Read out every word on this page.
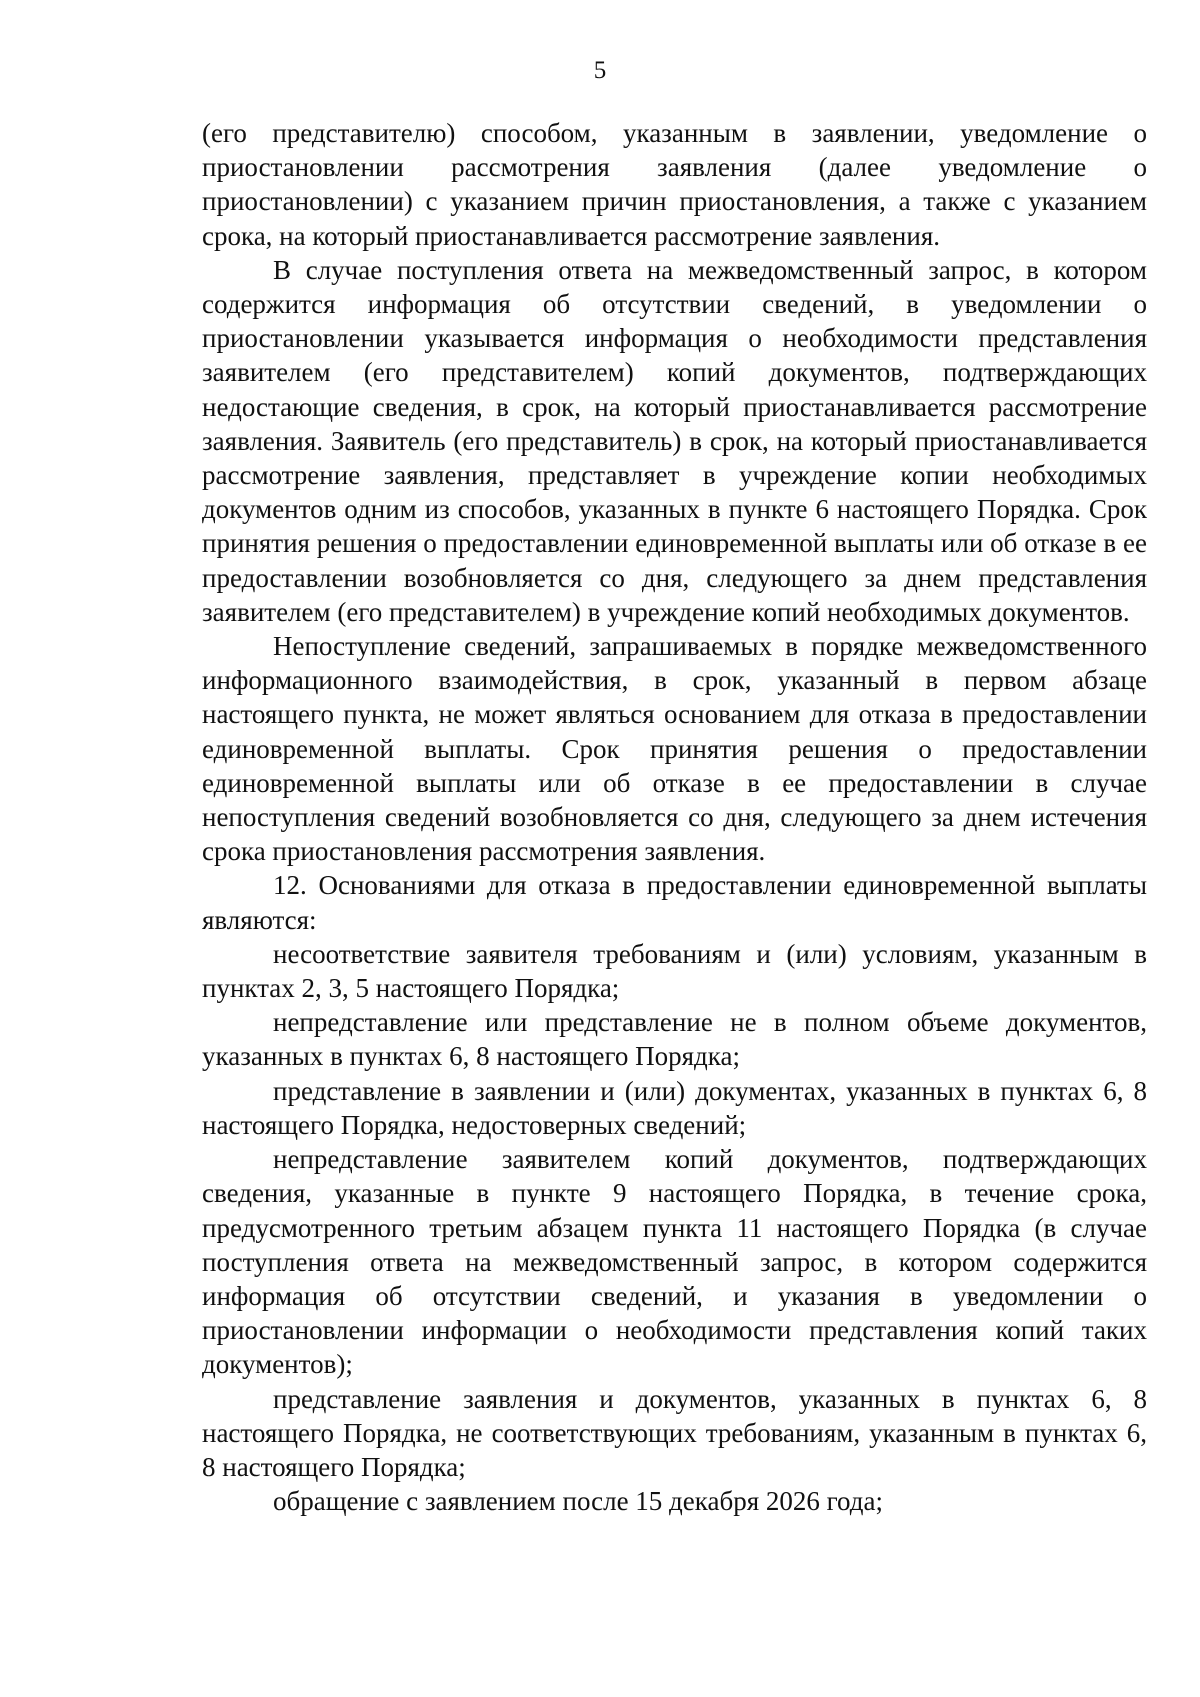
5

(его представителю) способом, указанным в заявлении, уведомление о приостановлении рассмотрения заявления (далее уведомление о приостановлении) с указанием причин приостановления, а также с указанием срока, на который приостанавливается рассмотрение заявления.

В случае поступления ответа на межведомственный запрос, в котором содержится информация об отсутствии сведений, в уведомлении о приостановлении указывается информация о необходимости представления заявителем (его представителем) копий документов, подтверждающих недостающие сведения, в срок, на который приостанавливается рассмотрение заявления. Заявитель (его представитель) в срок, на который приостанавливается рассмотрение заявления, представляет в учреждение копии необходимых документов одним из способов, указанных в пункте 6 настоящего Порядка. Срок принятия решения о предоставлении единовременной выплаты или об отказе в ее предоставлении возобновляется со дня, следующего за днем представления заявителем (его представителем) в учреждение копий необходимых документов.

Непоступление сведений, запрашиваемых в порядке межведомственного информационного взаимодействия, в срок, указанный в первом абзаце настоящего пункта, не может являться основанием для отказа в предоставлении единовременной выплаты. Срок принятия решения о предоставлении единовременной выплаты или об отказе в ее предоставлении в случае непоступления сведений возобновляется со дня, следующего за днем истечения срока приостановления рассмотрения заявления.

12. Основаниями для отказа в предоставлении единовременной выплаты являются:

несоответствие заявителя требованиям и (или) условиям, указанным в пунктах 2, 3, 5 настоящего Порядка;

непредставление или представление не в полном объеме документов, указанных в пунктах 6, 8 настоящего Порядка;

представление в заявлении и (или) документах, указанных в пунктах 6, 8 настоящего Порядка, недостоверных сведений;

непредставление заявителем копий документов, подтверждающих сведения, указанные в пункте 9 настоящего Порядка, в течение срока, предусмотренного третьим абзацем пункта 11 настоящего Порядка (в случае поступления ответа на межведомственный запрос, в котором содержится информация об отсутствии сведений, и указания в уведомлении о приостановлении информации о необходимости представления копий таких документов);

представление заявления и документов, указанных в пунктах 6, 8 настоящего Порядка, не соответствующих требованиям, указанным в пунктах 6, 8 настоящего Порядка;

обращение с заявлением после 15 декабря 2026 года;
